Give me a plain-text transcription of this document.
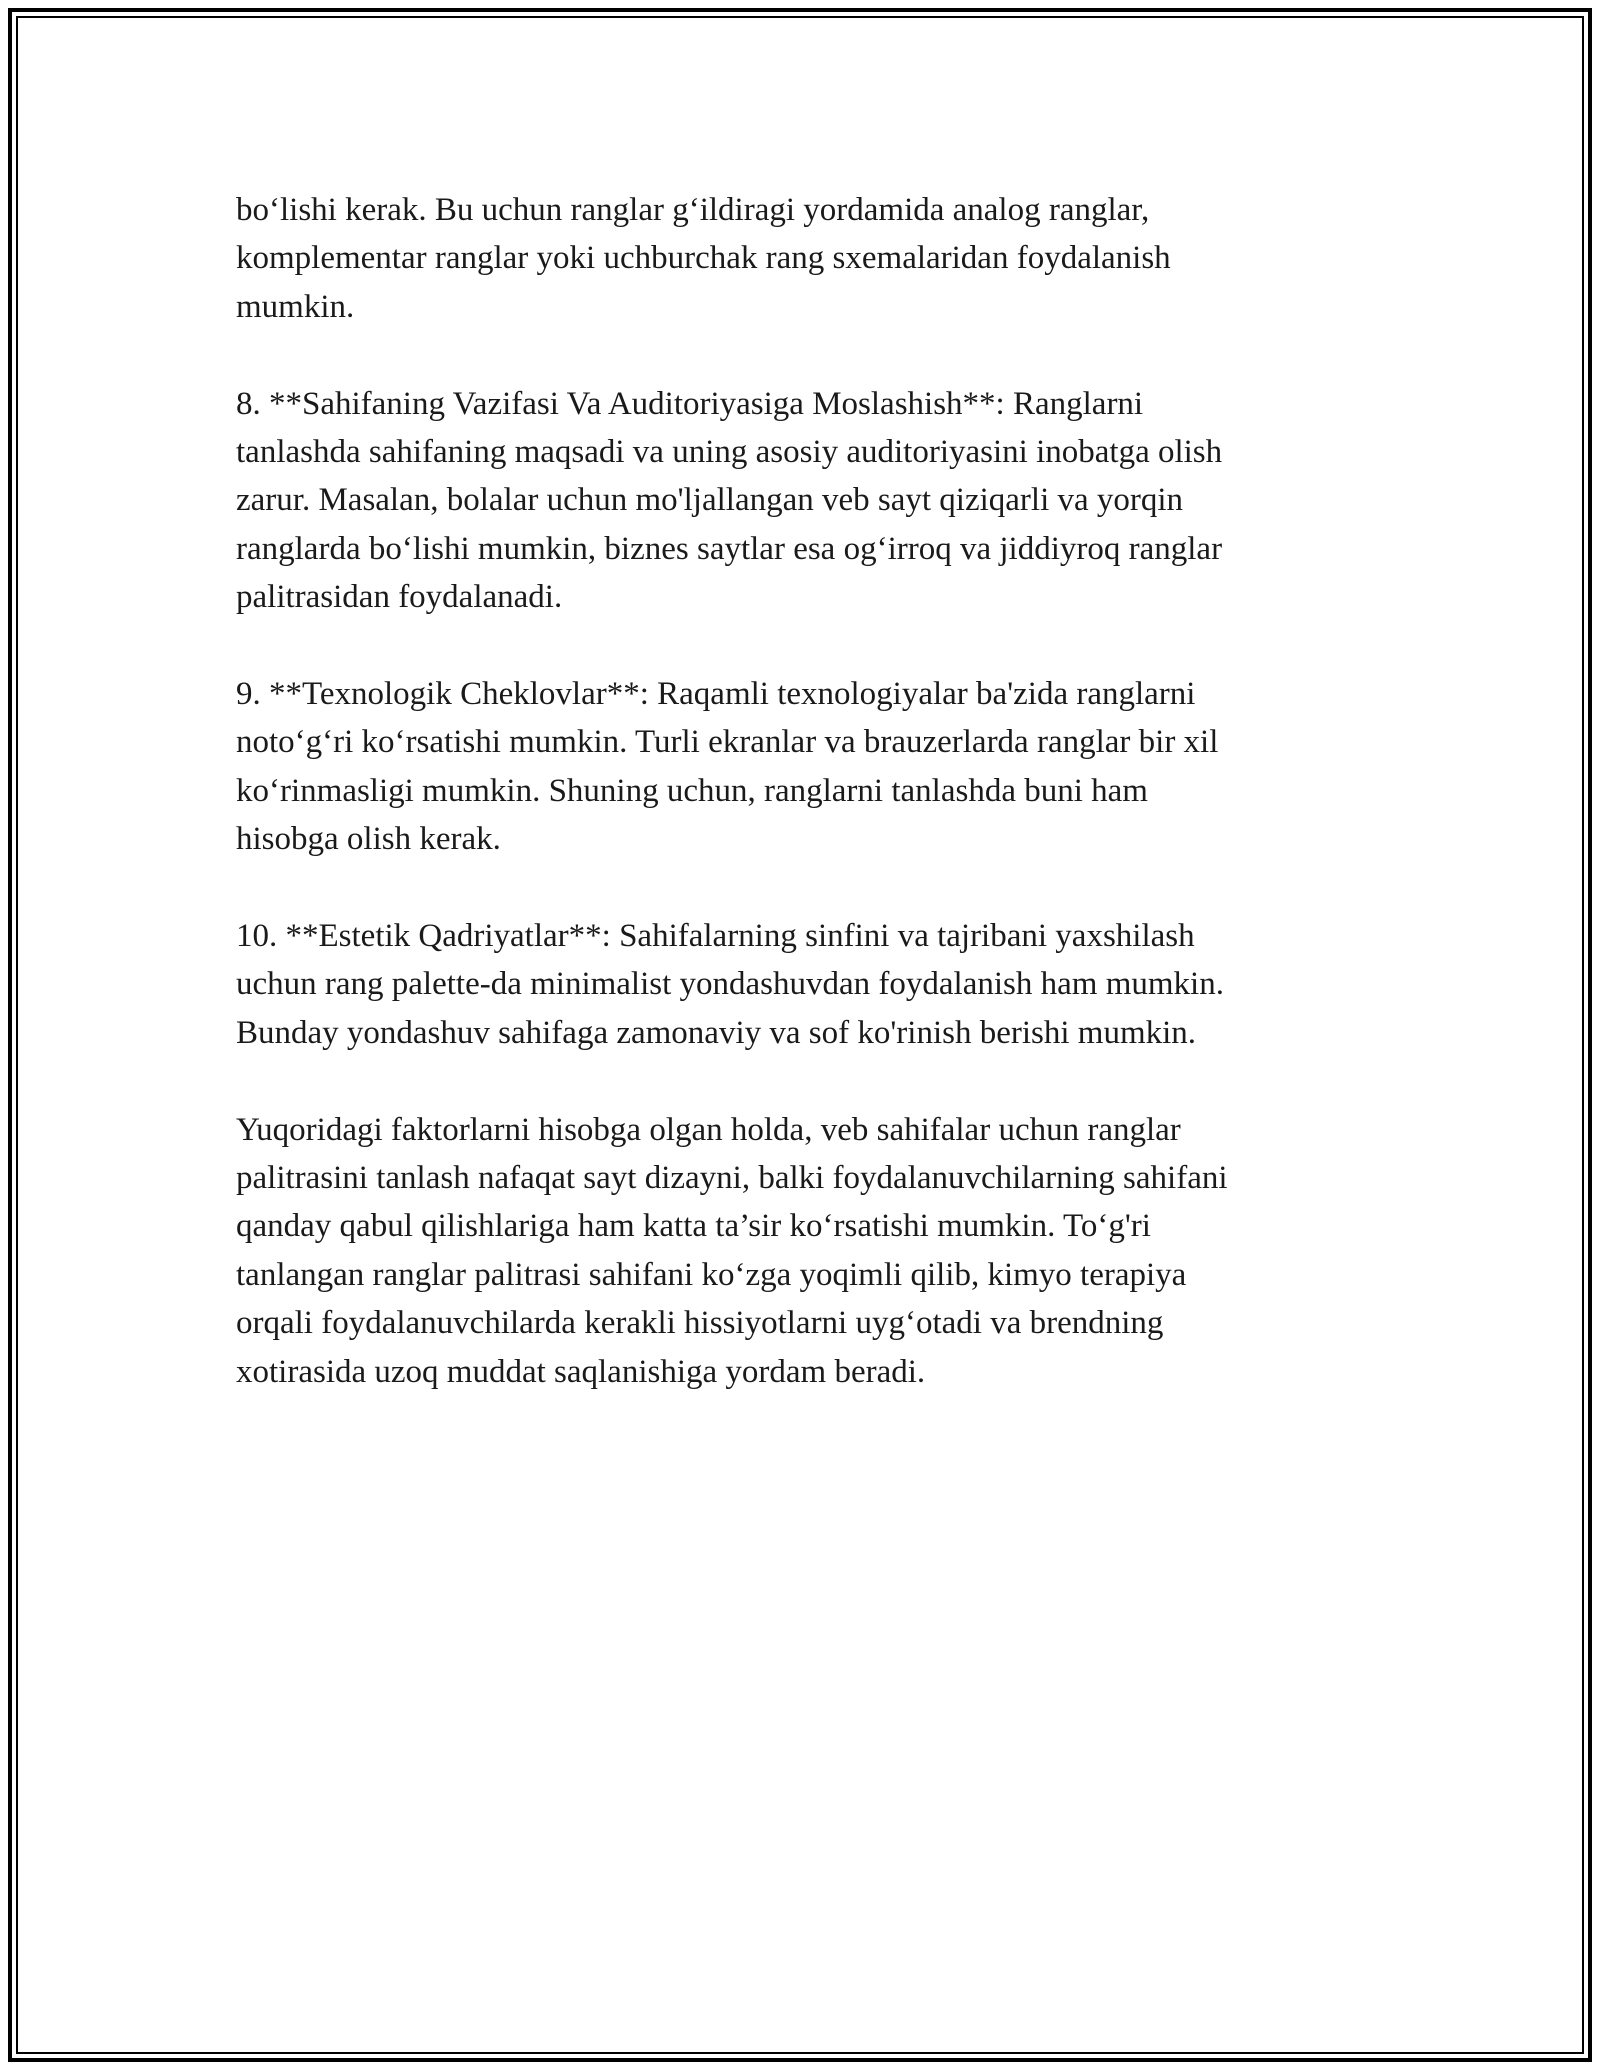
bo‘lishi kerak. Bu uchun ranglar g‘ildiragi yordamida analog ranglar,
komplementar ranglar yoki uchburchak rang sxemalaridan foydalanish
mumkin.

8. **Sahifaning Vazifasi Va Auditoriyasiga Moslashish**: Ranglarni
tanlashda sahifaning maqsadi va uning asosiy auditoriyasini inobatga olish
zarur. Masalan, bolalar uchun mo'ljallangan veb sayt qiziqarli va yorqin
ranglarda bo‘lishi mumkin, biznes saytlar esa og‘irroq va jiddiyroq ranglar
palitrasidan foydalanadi.

9. **Texnologik Cheklovlar**: Raqamli texnologiyalar ba'zida ranglarni
noto‘g‘ri ko‘rsatishi mumkin. Turli ekranlar va brauzerlarda ranglar bir xil
ko‘rinmasligi mumkin. Shuning uchun, ranglarni tanlashda buni ham
hisobga olish kerak.

10. **Estetik Qadriyatlar**: Sahifalarning sinfini va tajribani yaxshilash
uchun rang palette-da minimalist yondashuvdan foydalanish ham mumkin.
Bunday yondashuv sahifaga zamonaviy va sof ko'rinish berishi mumkin.

Yuqoridagi faktorlarni hisobga olgan holda, veb sahifalar uchun ranglar
palitrasini tanlash nafaqat sayt dizayni, balki foydalanuvchilarning sahifani
qanday qabul qilishlariga ham katta ta’sir ko‘rsatishi mumkin. To‘g'ri
tanlangan ranglar palitrasi sahifani ko‘zga yoqimli qilib, kimyo terapiya
orqali foydalanuvchilarda kerakli hissiyotlarni uyg‘otadi va brendning
xotirasida uzoq muddat saqlanishiga yordam beradi.
